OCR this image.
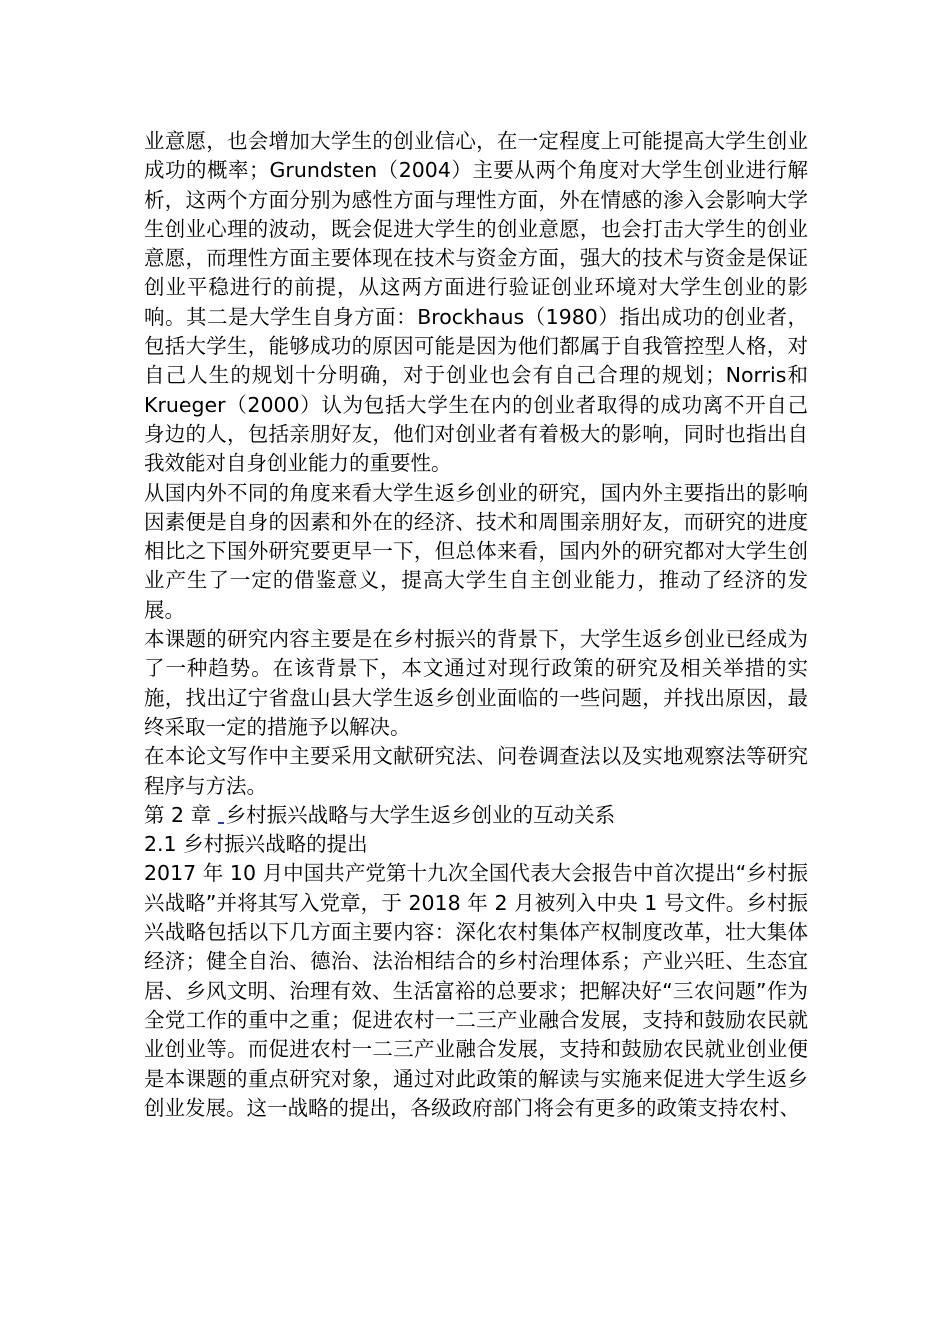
业意愿，也会增加大学生的创业信心，在一定程度上可能提高大学生创业成功的概率；Grundsten（2004）主要从两个角度对大学生创业进行解析，这两个方面分别为感性方面与理性方面，外在情感的渗入会影响大学生创业心理的波动，既会促进大学生的创业意愿，也会打击大学生的创业意愿，而理性方面主要体现在技术与资金方面，强大的技术与资金是保证创业平稳进行的前提，从这两方面进行验证创业环境对大学生创业的影响。其二是大学生自身方面：Brockhaus（1980）指出成功的创业者，包括大学生，能够成功的原因可能是因为他们都属于自我管控型人格，对自己人生的规划十分明确，对于创业也会有自己合理的规划；Norris和Krueger（2000）认为包括大学生在内的创业者取得的成功离不开自己身边的人，包括亲朋好友，他们对创业者有着极大的影响，同时也指出自我效能对自身创业能力的重要性。

从国内外不同的角度来看大学生返乡创业的研究，国内外主要指出的影响因素便是自身的因素和外在的经济、技术和周围亲朋好友，而研究的进度相比之下国外研究要更早一下，但总体来看，国内外的研究都对大学生创业产生了一定的借鉴意义，提高大学生自主创业能力，推动了经济的发展。

本课题的研究内容主要是在乡村振兴的背景下，大学生返乡创业已经成为了一种趋势。在该背景下，本文通过对现行政策的研究及相关举措的实施，找出辽宁省盘山县大学生返乡创业面临的一些问题，并找出原因，最终采取一定的措施予以解决。

在本论文写作中主要采用文献研究法、问卷调查法以及实地观察法等研究程序与方法。

第 2 章 乡村振兴战略与大学生返乡创业的互动关系

2.1 乡村振兴战略的提出

2017 年 10 月中国共产党第十九次全国代表大会报告中首次提出“乡村振兴战略”并将其写入党章，于 2018 年 2 月被列入中央 1 号文件。乡村振兴战略包括以下几方面主要内容：深化农村集体产权制度改革，壮大集体经济；健全自治、德治、法治相结合的乡村治理体系；产业兴旺、生态宜居、乡风文明、治理有效、生活富裕的总要求；把解决好“三农问题”作为全党工作的重中之重；促进农村一二三产业融合发展，支持和鼓励农民就业创业等。而促进农村一二三产业融合发展，支持和鼓励农民就业创业便是本课题的重点研究对象，通过对此政策的解读与实施来促进大学生返乡创业发展。这一战略的提出，各级政府部门将会有更多的政策支持农村、
